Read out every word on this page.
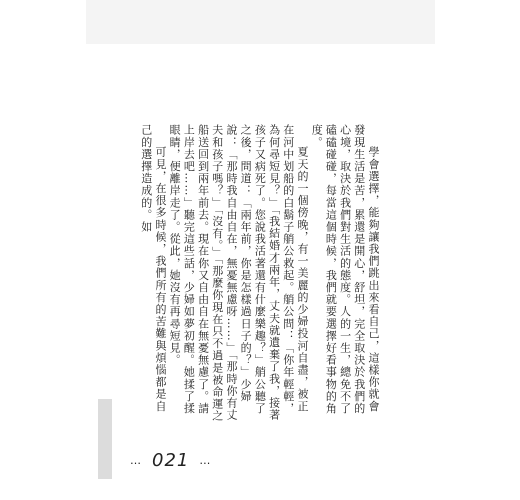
學會選擇，能夠讓我們跳出來看自己，這樣你就會發現生活是苦，累還是開心，舒坦，完全取決於我們的心境，取決於我們對生活的態度。人的一生，總免不了磕磕碰碰，每當這個時候，我們就要選擇好看事物的角度。

夏天的一個傍晚，有一美麗的少婦投河自盡，被正在河中划船的白鬍子艄公救起。艄公問：「你年輕輕，為何尋短見？」「我結婚才兩年，丈夫就遺棄了我，接著孩子又病死了。您說我活著還有什麼樂趣？」艄公聽了之後，問道：「兩年前，你是怎樣過日子的？」少婦說：「那時我自由自在，無憂無慮呀……」「那時你有丈夫和孩子嗎？」「沒有。」「那麼你現在只不過是被命運之船送回到兩年前去。現在你又自由自在無憂無慮了。請上岸去吧……」聽完這些話，少婦如夢初醒。她揉了揉眼睛，便離岸走了。從此，她沒有再尋短見。

可見，在很多時候，我們所有的苦難與煩惱都是自己的選擇造成的。如

… 021 …
